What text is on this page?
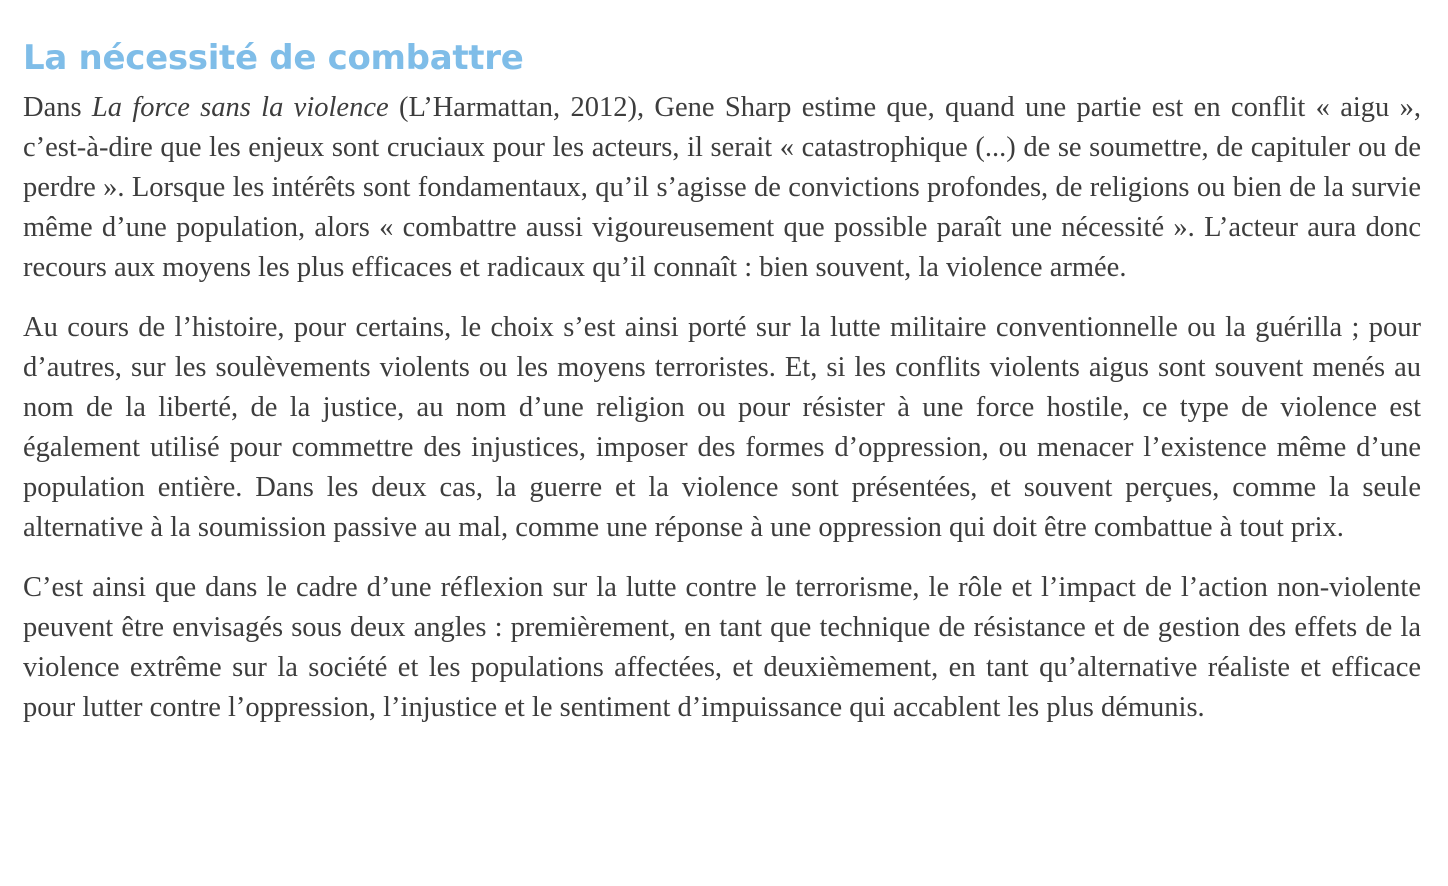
La nécessité de combattre

Dans La force sans la violence (L’Harmattan, 2012), Gene Sharp estime que, quand une partie est en conflit « aigu », c’est-à-dire que les enjeux sont cruciaux pour les acteurs, il serait « catastrophique (...) de se soumettre, de capituler ou de perdre ». Lorsque les intérêts sont fondamentaux, qu’il s’agisse de convictions profondes, de religions ou bien de la survie même d’une population, alors « combattre aussi vigoureusement que possible paraît une nécessité ». L’acteur aura donc recours aux moyens les plus efficaces et radicaux qu’il connaît : bien souvent, la violence armée.

Au cours de l’histoire, pour certains, le choix s’est ainsi porté sur la lutte militaire conventionnelle ou la guérilla ; pour d’autres, sur les soulèvements violents ou les moyens terroristes. Et, si les conflits violents aigus sont souvent menés au nom de la liberté, de la justice, au nom d’une religion ou pour résister à une force hostile, ce type de violence est également utilisé pour commettre des injustices, imposer des formes d’oppression, ou menacer l’existence même d’une population entière. Dans les deux cas, la guerre et la violence sont présentées, et souvent perçues, comme la seule alternative à la soumission passive au mal, comme une réponse à une oppression qui doit être combattue à tout prix.

C’est ainsi que dans le cadre d’une réflexion sur la lutte contre le terrorisme, le rôle et l’impact de l’action non-violente peuvent être envisagés sous deux angles : premièrement, en tant que technique de résistance et de gestion des effets de la violence extrême sur la société et les populations affectées, et deuxièmement, en tant qu’alternative réaliste et efficace pour lutter contre l’oppression, l’injustice et le sentiment d’impuissance qui accablent les plus démunis.
